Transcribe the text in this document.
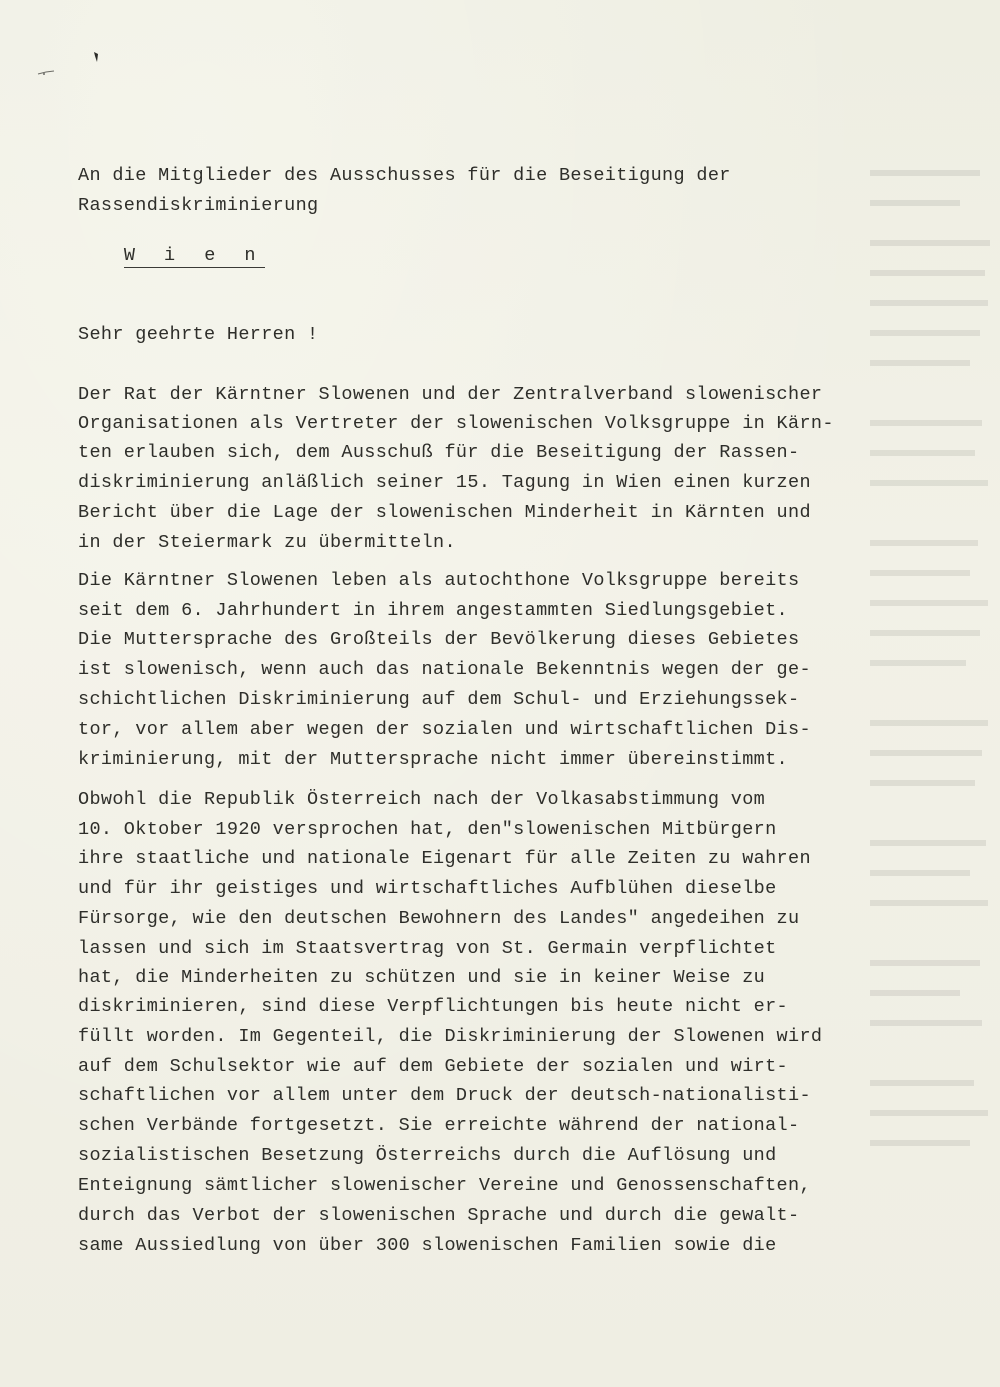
An die Mitglieder des Ausschusses für die Beseitigung der
Rassendiskriminierung

W i e n

Sehr geehrte Herren !
Der Rat der Kärntner Slowenen und der Zentralverband slowenischer
Organisationen als Vertreter der slowenischen Volksgruppe in Kärn-
ten erlauben sich, dem Ausschuß für die Beseitigung der Rassen-
diskriminierung anläßlich seiner 15. Tagung in Wien einen kurzen
Bericht über die Lage der slowenischen Minderheit in Kärnten und
in der Steiermark zu übermitteln.
Die Kärntner Slowenen leben als autochthone Volksgruppe bereits
seit dem 6. Jahrhundert in ihrem angestammten Siedlungsgebiet.
Die Muttersprache des Großteils der Bevölkerung dieses Gebietes
ist slowenisch, wenn auch das nationale Bekenntnis wegen der ge-
schichtlichen Diskriminierung auf dem Schul- und Erziehungssek-
tor, vor allem aber wegen der sozialen und wirtschaftlichen Dis-
kriminierung, mit der Muttersprache nicht immer übereinstimmt.
Obwohl die Republik Österreich nach der Volkasabstimmung vom
10. Oktober 1920 versprochen hat, den"slowenischen Mitbürgern
ihre staatliche und nationale Eigenart für alle Zeiten zu wahren
und für ihr geistiges und wirtschaftliches Aufblühen dieselbe
Fürsorge, wie den deutschen Bewohnern des Landes" angedeihen zu
lassen und sich im Staatsvertrag von St. Germain verpflichtet
hat, die Minderheiten zu schützen und sie in keiner Weise zu
diskriminieren, sind diese Verpflichtungen bis heute nicht er-
füllt worden. Im Gegenteil, die Diskriminierung der Slowenen wird
auf dem Schulsektor wie auf dem Gebiete der sozialen und wirt-
schaftlichen vor allem unter dem Druck der deutsch-nationalisti-
schen Verbände fortgesetzt. Sie erreichte während der national-
sozialistischen Besetzung Österreichs durch die Auflösung und
Enteignung sämtlicher slowenischer Vereine und Genossenschaften,
durch das Verbot der slowenischen Sprache und durch die gewalt-
same Aussiedlung von über 300 slowenischen Familien sowie die
